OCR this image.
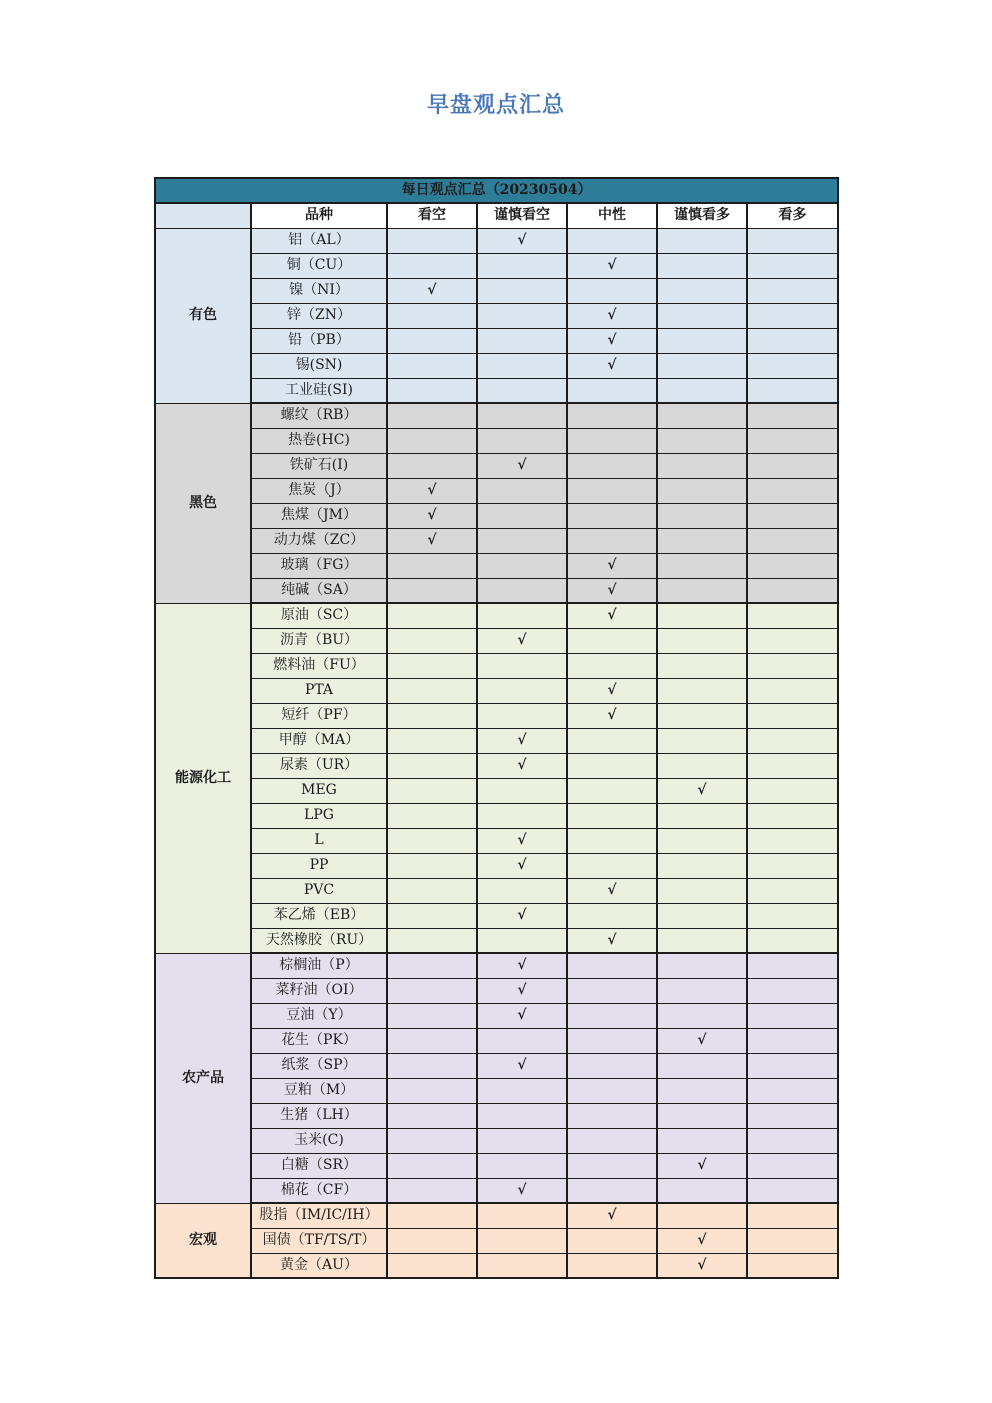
早盘观点汇总
每日观点汇总（20230504）						
	品种	看空	谨慎看空	中性	谨慎看多	看多
有色	铝（AL）		√			
	铜（CU）			√		
	镍（NI）	√				
	锌（ZN）			√		
	铅（PB）			√		
	锡(SN)			√		
	工业硅(SI)					
黑色	螺纹（RB）					
	热卷(HC)					
	铁矿石(I)		√			
	焦炭（J）	√				
	焦煤（JM）	√				
	动力煤（ZC）	√				
	玻璃（FG）			√		
	纯碱（SA）			√		
能源化工	原油（SC）			√		
	沥青（BU）		√			
	燃料油（FU）					
	PTA			√		
	短纤（PF）			√		
	甲醇（MA）		√			
	尿素（UR）		√			
	MEG				√	
	LPG					
	L		√			
	PP		√			
	PVC			√		
	苯乙烯（EB）		√			
	天然橡胶（RU）			√		
农产品	棕榈油（P）		√			
	菜籽油（OI）		√			
	豆油（Y）		√			
	花生（PK）				√	
	纸浆（SP）		√			
	豆粕（M）					
	生猪（LH）					
	玉米(C)					
	白糖（SR）				√	
	棉花（CF）		√			
宏观	股指（IM/IC/IH）			√		
	国债（TF/TS/T）				√	
	黄金（AU）				√	
